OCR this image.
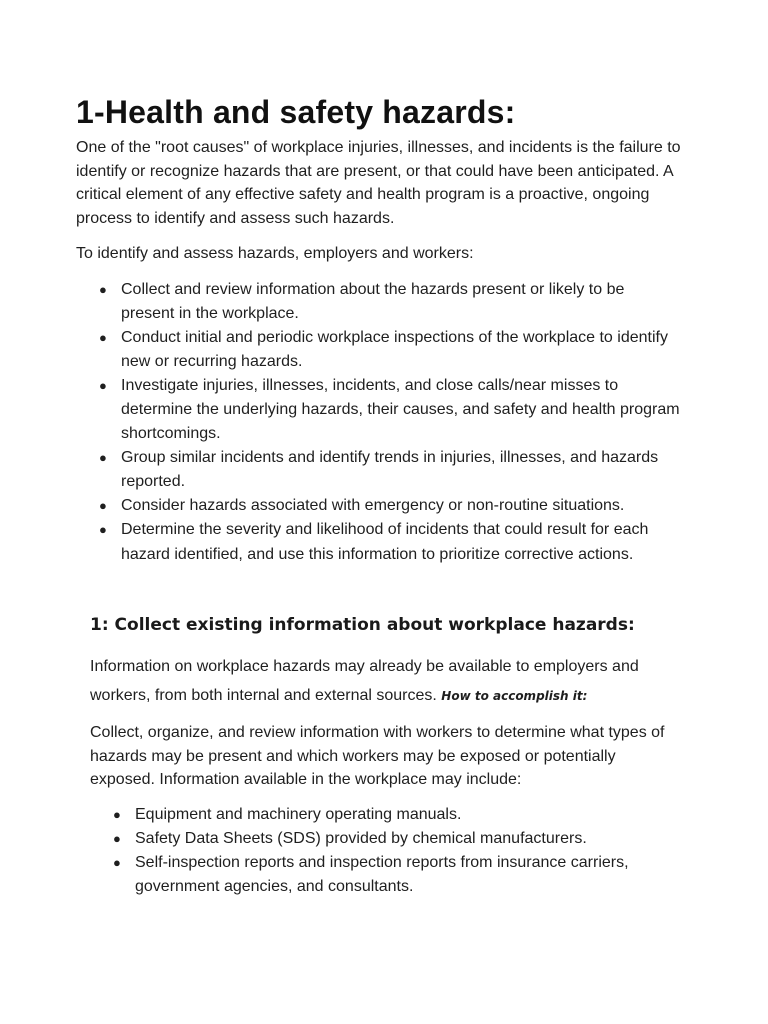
1-Health and safety hazards:

One of the "root causes" of workplace injuries, illnesses, and incidents is the failure to identify or recognize hazards that are present, or that could have been anticipated. A critical element of any effective safety and health program is a proactive, ongoing process to identify and assess such hazards.

To identify and assess hazards, employers and workers:

● Collect and review information about the hazards present or likely to be present in the workplace.
● Conduct initial and periodic workplace inspections of the workplace to identify new or recurring hazards.
● Investigate injuries, illnesses, incidents, and close calls/near misses to determine the underlying hazards, their causes, and safety and health program shortcomings.
● Group similar incidents and identify trends in injuries, illnesses, and hazards reported.
● Consider hazards associated with emergency or non-routine situations.
● Determine the severity and likelihood of incidents that could result for each hazard identified, and use this information to prioritize corrective actions.
1: Collect existing information about workplace hazards:

Information on workplace hazards may already be available to employers and workers, from both internal and external sources. How to accomplish it:

Collect, organize, and review information with workers to determine what types of hazards may be present and which workers may be exposed or potentially exposed. Information available in the workplace may include:

● Equipment and machinery operating manuals.
● Safety Data Sheets (SDS) provided by chemical manufacturers.
● Self-inspection reports and inspection reports from insurance carriers, government agencies, and consultants.
